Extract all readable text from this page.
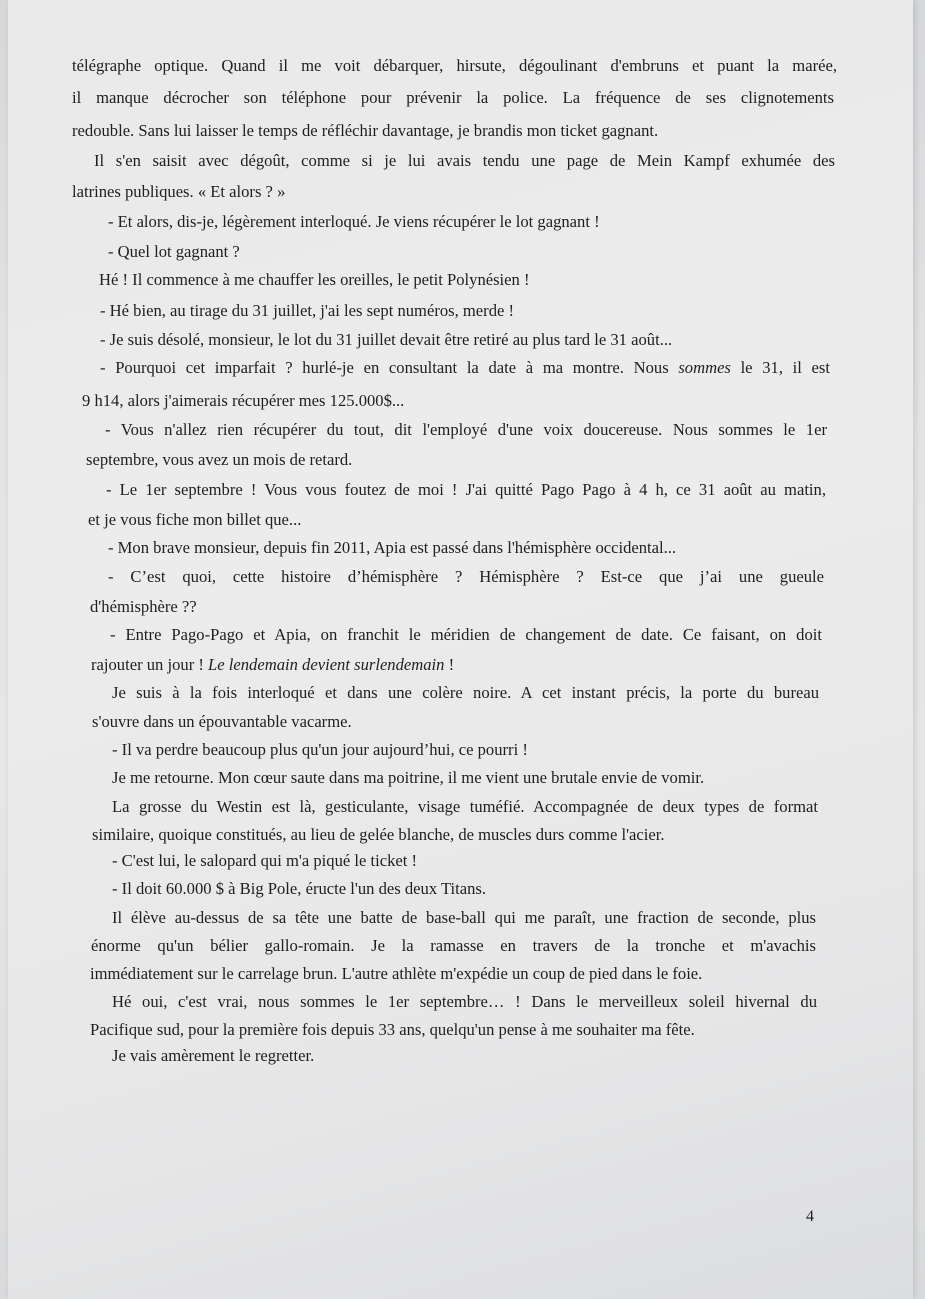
télégraphe optique. Quand il me voit débarquer, hirsute, dégoulinant d'embruns et puant la marée,
il manque décrocher son téléphone pour prévenir la police. La fréquence de ses clignotements
redouble. Sans lui laisser le temps de réfléchir davantage, je brandis mon ticket gagnant.
Il s'en saisit avec dégoût, comme si je lui avais tendu une page de Mein Kampf exhumée des
latrines publiques. « Et alors ? »
- Et alors, dis-je, légèrement interloqué. Je viens récupérer le lot gagnant !
- Quel lot gagnant ?
Hé ! Il commence à me chauffer les oreilles, le petit Polynésien !
- Hé bien, au tirage du 31 juillet, j'ai les sept numéros, merde !
- Je suis désolé, monsieur, le lot du 31 juillet devait être retiré au plus tard le 31 août...
- Pourquoi cet imparfait ? hurlé-je en consultant la date à ma montre. Nous sommes le 31, il est
9 h14, alors j'aimerais récupérer mes 125.000$...
- Vous n'allez rien récupérer du tout, dit l'employé d'une voix doucereuse. Nous sommes le 1er
septembre, vous avez un mois de retard.
- Le 1er septembre ! Vous vous foutez de moi ! J'ai quitté Pago Pago à 4 h, ce 31 août au matin,
et je vous fiche mon billet que...
- Mon brave monsieur, depuis fin 2011, Apia est passé dans l'hémisphère occidental...
- C’est quoi, cette histoire d’hémisphère ? Hémisphère ? Est-ce que j’ai une gueule
d'hémisphère ??
- Entre Pago-Pago et Apia, on franchit le méridien de changement de date. Ce faisant, on doit
rajouter un jour ! Le lendemain devient surlendemain !
Je suis à la fois interloqué et dans une colère noire. A cet instant précis, la porte du bureau
s'ouvre dans un épouvantable vacarme.
- Il va perdre beaucoup plus qu'un jour aujourd’hui, ce pourri !
Je me retourne. Mon cœur saute dans ma poitrine, il me vient une brutale envie de vomir.
La grosse du Westin est là, gesticulante, visage tuméfié. Accompagnée de deux types de format
similaire, quoique constitués, au lieu de gelée blanche, de muscles durs comme l'acier.
- C'est lui, le salopard qui m'a piqué le ticket !
- Il doit 60.000 $ à Big Pole, éructe l'un des deux Titans.
Il élève au-dessus de sa tête une batte de base-ball qui me paraît, une fraction de seconde, plus
énorme qu'un bélier gallo-romain. Je la ramasse en travers de la tronche et m'avachis
immédiatement sur le carrelage brun. L'autre athlète m'expédie un coup de pied dans le foie.
Hé oui, c'est vrai, nous sommes le 1er septembre… ! Dans le merveilleux soleil hivernal du
Pacifique sud, pour la première fois depuis 33 ans, quelqu'un pense à me souhaiter ma fête.
Je vais amèrement le regretter.
4
